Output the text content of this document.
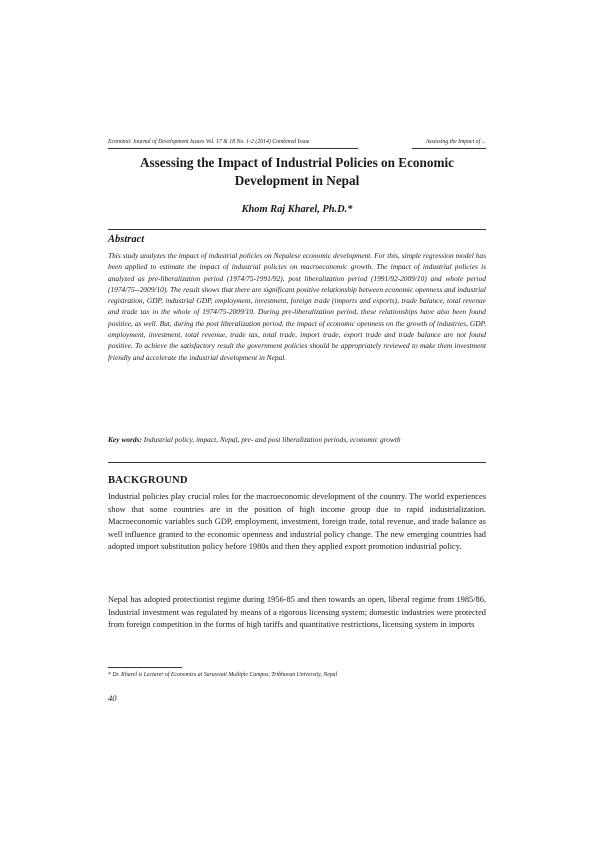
Economic Journal of Development Issues Vol. 17 & 18 No. 1-2 (2014) Combined Issue	Assessing the Impact of ...
Assessing the Impact of Industrial Policies on Economic Development in Nepal
Khom Raj Kharel, Ph.D.*
Abstract

This study analyzes the impact of industrial policies on Nepalese economic development. For this, simple regression model has been applied to estimate the impact of industrial policies on macroeconomic growth. The impact of industrial policies is analyzed as pre-liberalization period (1974/75-1991/92), post liberalization period (1991/92-2009/10) and whole period (1974/75--2009/10). The result shows that there are significant positive relationship between economic openness and industrial registration, GDP, industrial GDP, employment, investment, foreign trade (imports and exports), trade balance, total revenue and trade tax in the whole of 1974/75-2009/10. During pre-liberalization period, these relationships have also been found positive, as well. But, during the post liberalization period, the impact of economic openness on the growth of industries, GDP, employment, investment, total revenue, trade tax, total trade, import trade, export trade and trade balance are not found positive. To achieve the satisfactory result the government policies should be appropriately reviewed to make them investment friendly and accelerate the industrial development in Nepal.

Key words: Industrial policy, impact, Nepal, pre- and post liberalization periods, economic growth

BACKGROUND

Industrial policies play crucial roles for the macroeconomic development of the country. The world experiences show that some countries are in the position of high income group due to rapid industrialization. Macroeconomic variables such GDP, employment, investment, foreign trade, total revenue, and trade balance as well influence granted to the economic openness and industrial policy change. The new emerging countries had adopted import substitution policy before 1980s and then they applied export promotion industrial policy.

Nepal has adopted protectionist regime during 1956-85 and then towards an open, liberal regime from 1985/86. Industrial investment was regulated by means of a rigorous licensing system; domestic industries were protected from foreign competition in the forms of high tariffs and quantitative restrictions, licensing system in imports

* Dr. Kharel is Lecturer of Economics at Saraswati Multiple Campus, Tribhuvan University, Nepal

40
